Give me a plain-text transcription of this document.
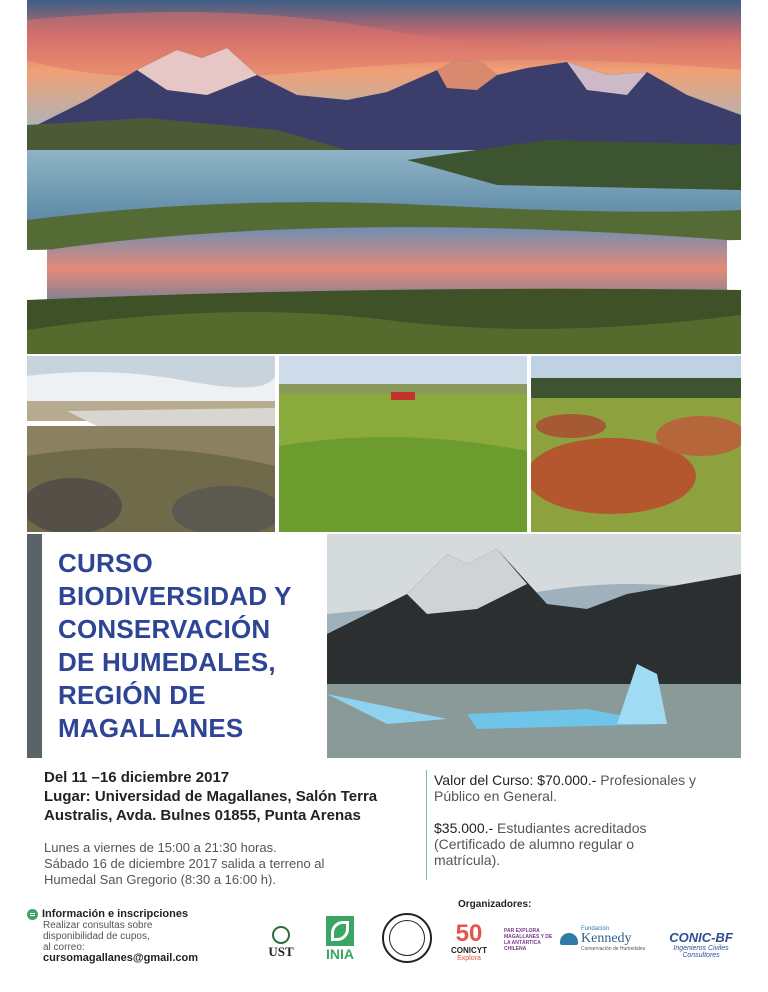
CURSO
BIODIVERSIDAD Y
CONSERVACIÓN
DE HUMEDALES,
REGIÓN DE
MAGALLANES
Del 11 –16 diciembre 2017
Lugar: Universidad de Magallanes, Salón Terra
Australis, Avda. Bulnes 01855, Punta Arenas
Lunes a viernes de 15:00 a 21:30 horas.
Sábado 16 de diciembre 2017 salida a terreno al
Humedal San Gregorio (8:30 a 16:00 h).
Valor del Curso: $70.000.- Profesionales y
Público en General.
$35.000.- Estudiantes acreditados
(Certificado de alumno regular o
matrícula).
Información e inscripciones
Realizar consultas sobre
disponibilidad de cupos,
al correo:
cursomagallanes@gmail.com
Organizadores:
UST INIA
50
CONICYT
Explora
PAR EXPLORA MAGALLANES Y DE LA ANTÁRTICA CHILENA
Fundación
Kennedy
Conservación de Humedales
CONIC-BF
Ingenieros Civiles
Consultores
